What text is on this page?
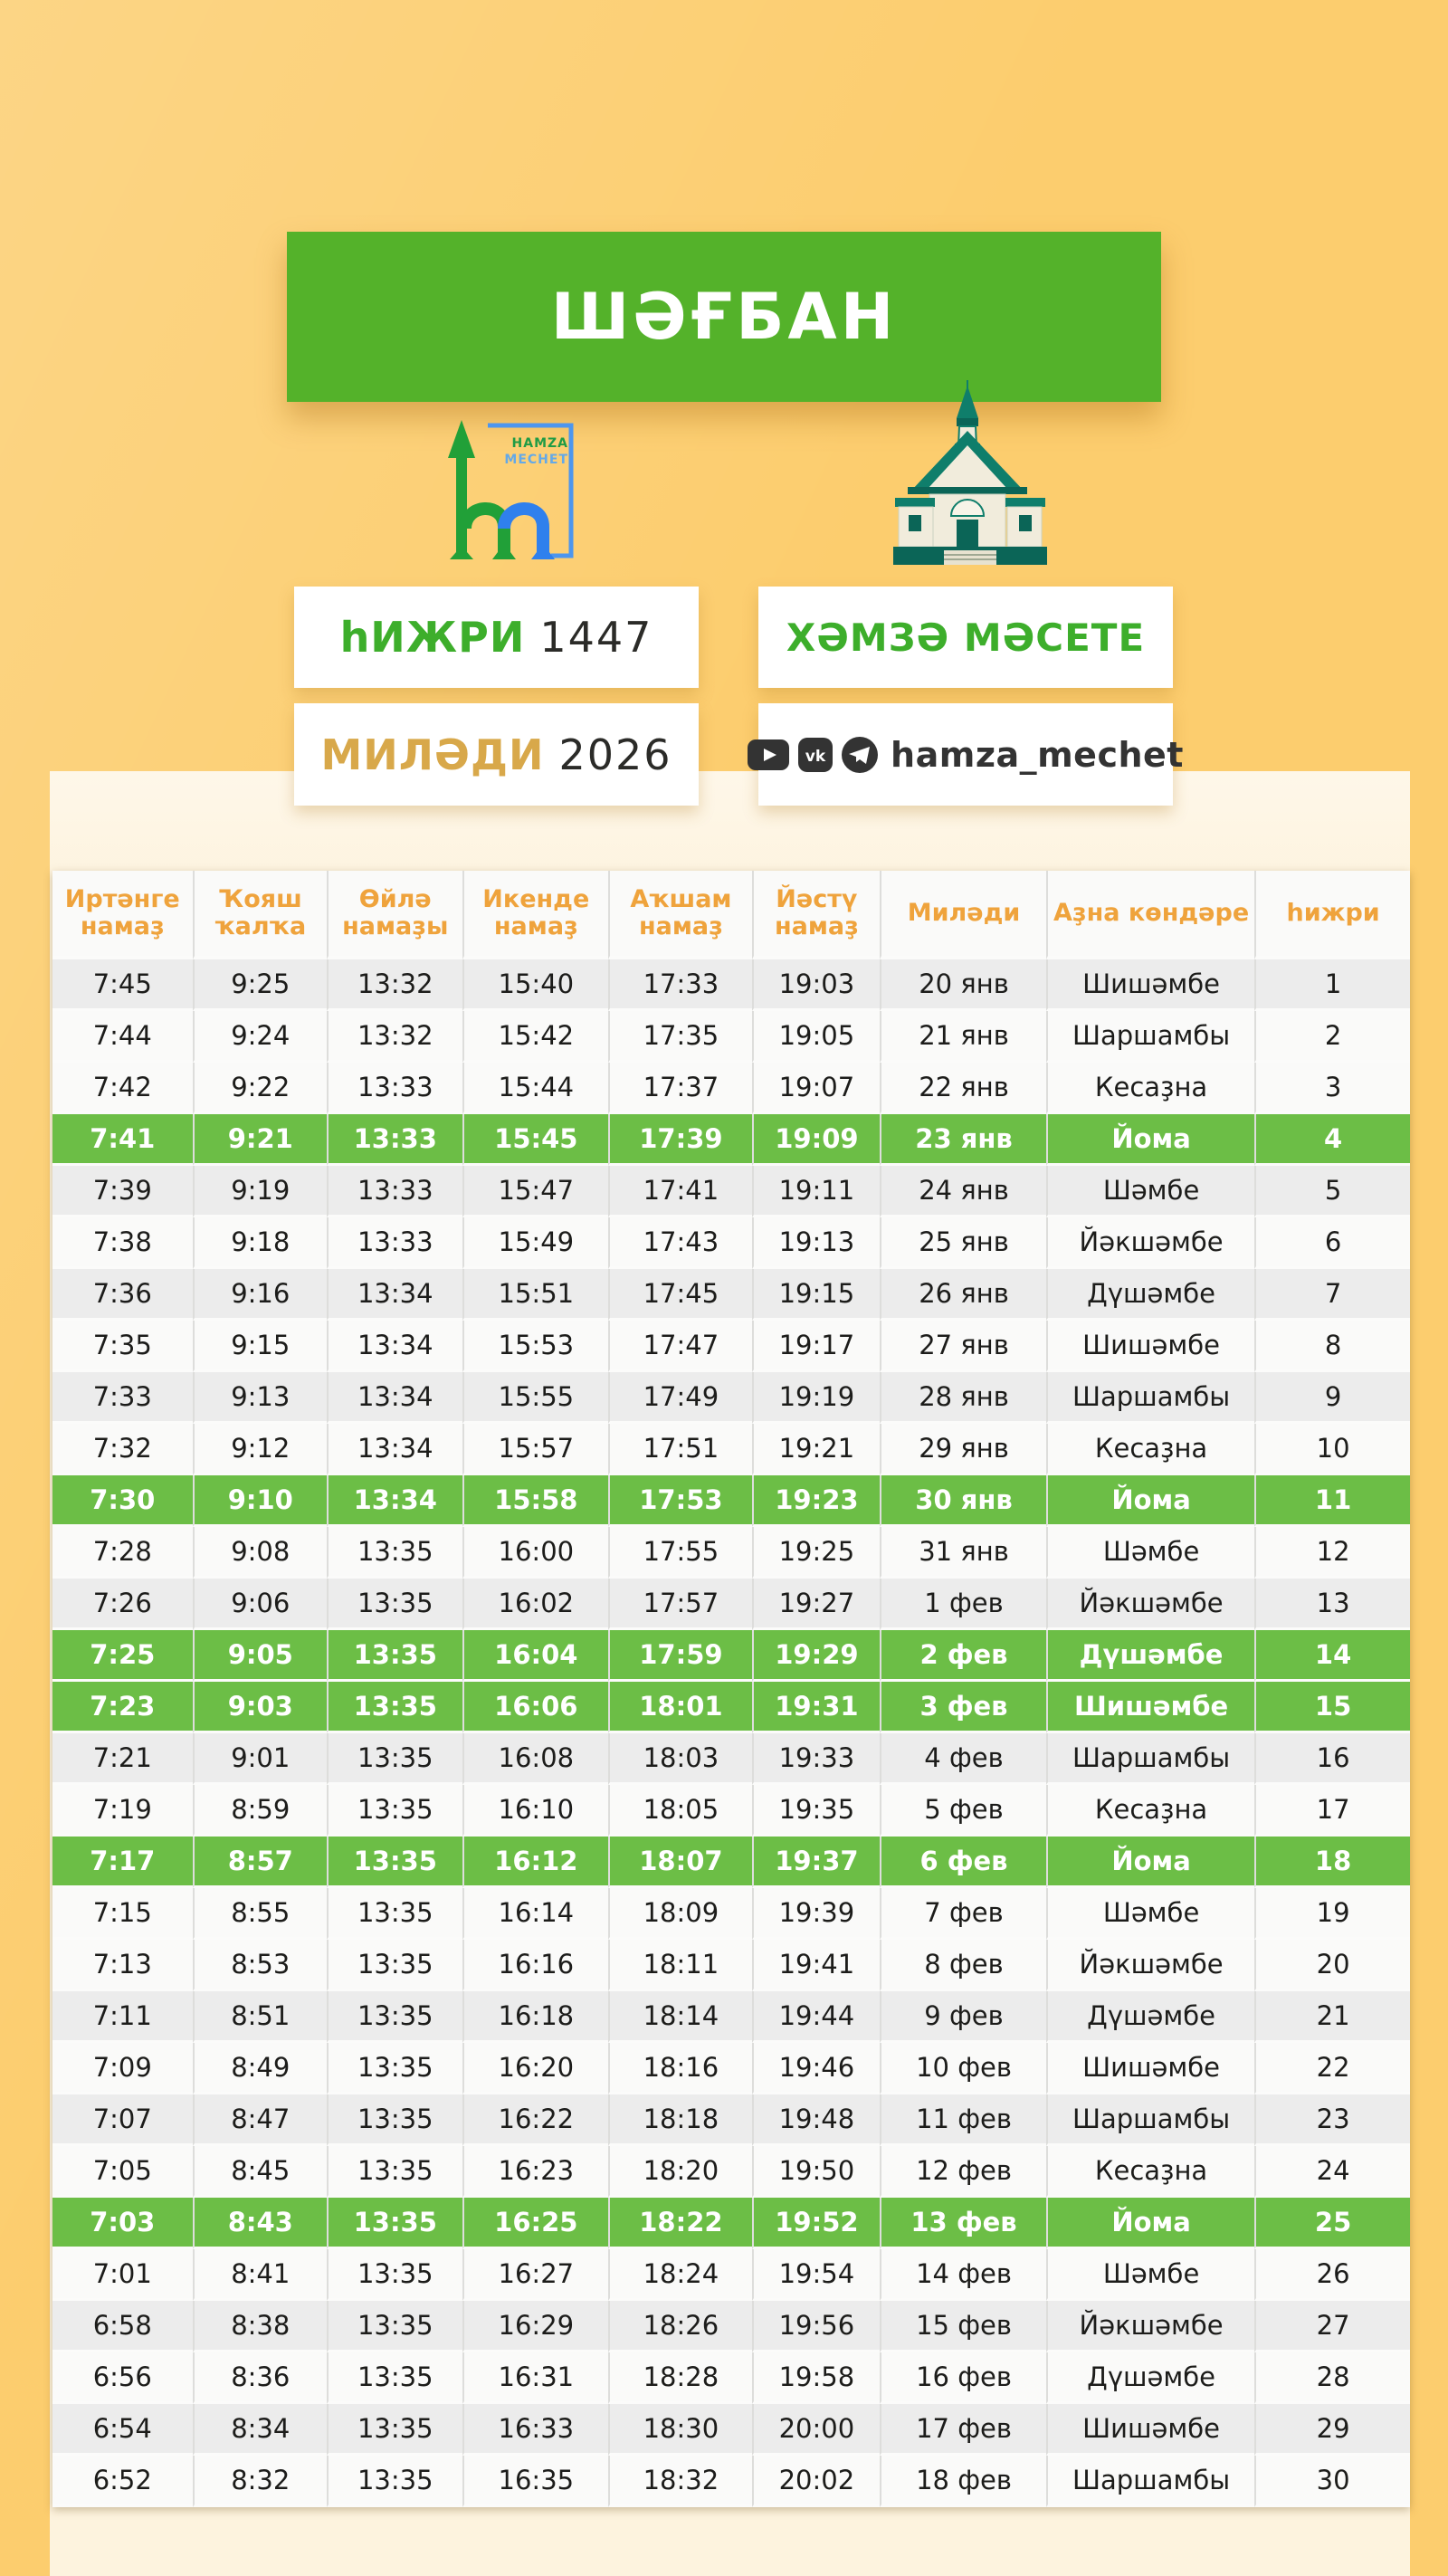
ШӘҒБАН
HAMZA
MECHET
һИЖРИ 1447	ХӘМЗӘ МӘСЕТЕ
МИЛӘДИ 2026	vk hamza_mechet
Иртәнге намаҙ	Ҡояш ҡалҡа	Өйлә намаҙы	Икенде намаҙ	Аҡшам намаҙ	Йәстү намаҙ	Миләди	Аҙна көндәре	һижри
7:45	9:25	13:32	15:40	17:33	19:03	20 янв	Шишәмбе	1
7:44	9:24	13:32	15:42	17:35	19:05	21 янв	Шаршамбы	2
7:42	9:22	13:33	15:44	17:37	19:07	22 янв	Кесаҙна	3
7:41	9:21	13:33	15:45	17:39	19:09	23 янв	Йома	4
7:39	9:19	13:33	15:47	17:41	19:11	24 янв	Шәмбе	5
7:38	9:18	13:33	15:49	17:43	19:13	25 янв	Йәкшәмбе	6
7:36	9:16	13:34	15:51	17:45	19:15	26 янв	Дүшәмбе	7
7:35	9:15	13:34	15:53	17:47	19:17	27 янв	Шишәмбе	8
7:33	9:13	13:34	15:55	17:49	19:19	28 янв	Шаршамбы	9
7:32	9:12	13:34	15:57	17:51	19:21	29 янв	Кесаҙна	10
7:30	9:10	13:34	15:58	17:53	19:23	30 янв	Йома	11
7:28	9:08	13:35	16:00	17:55	19:25	31 янв	Шәмбе	12
7:26	9:06	13:35	16:02	17:57	19:27	1 фев	Йәкшәмбе	13
7:25	9:05	13:35	16:04	17:59	19:29	2 фев	Дүшәмбе	14
7:23	9:03	13:35	16:06	18:01	19:31	3 фев	Шишәмбе	15
7:21	9:01	13:35	16:08	18:03	19:33	4 фев	Шаршамбы	16
7:19	8:59	13:35	16:10	18:05	19:35	5 фев	Кесаҙна	17
7:17	8:57	13:35	16:12	18:07	19:37	6 фев	Йома	18
7:15	8:55	13:35	16:14	18:09	19:39	7 фев	Шәмбе	19
7:13	8:53	13:35	16:16	18:11	19:41	8 фев	Йәкшәмбе	20
7:11	8:51	13:35	16:18	18:14	19:44	9 фев	Дүшәмбе	21
7:09	8:49	13:35	16:20	18:16	19:46	10 фев	Шишәмбе	22
7:07	8:47	13:35	16:22	18:18	19:48	11 фев	Шаршамбы	23
7:05	8:45	13:35	16:23	18:20	19:50	12 фев	Кесаҙна	24
7:03	8:43	13:35	16:25	18:22	19:52	13 фев	Йома	25
7:01	8:41	13:35	16:27	18:24	19:54	14 фев	Шәмбе	26
6:58	8:38	13:35	16:29	18:26	19:56	15 фев	Йәкшәмбе	27
6:56	8:36	13:35	16:31	18:28	19:58	16 фев	Дүшәмбе	28
6:54	8:34	13:35	16:33	18:30	20:00	17 фев	Шишәмбе	29
6:52	8:32	13:35	16:35	18:32	20:02	18 фев	Шаршамбы	30
